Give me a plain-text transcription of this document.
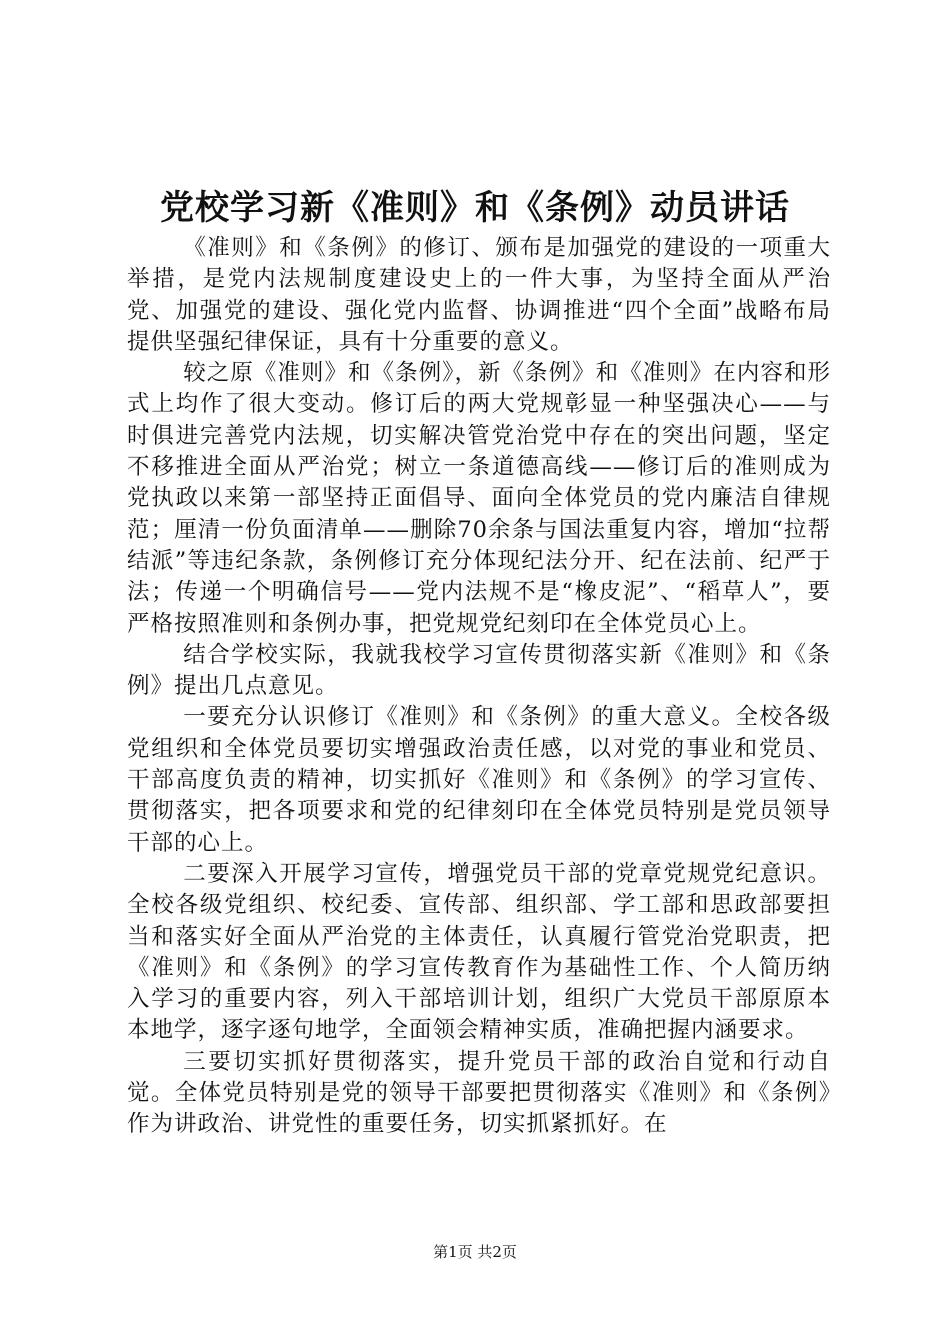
党校学习新《准则》和《条例》动员讲话

《准则》和《条例》的修订、颁布是加强党的建设的一项重大举措，是党内法规制度建设史上的一件大事，为坚持全面从严治党、加强党的建设、强化党内监督、协调推进“四个全面”战略布局提供坚强纪律保证，具有十分重要的意义。

较之原《准则》和《条例》，新《条例》和《准则》在内容和形式上均作了很大变动。修订后的两大党规彰显一种坚强决心——与时俱进完善党内法规，切实解决管党治党中存在的突出问题，坚定不移推进全面从严治党；树立一条道德高线——修订后的准则成为党执政以来第一部坚持正面倡导、面向全体党员的党内廉洁自律规范；厘清一份负面清单——删除70余条与国法重复内容，增加“拉帮结派”等违纪条款，条例修订充分体现纪法分开、纪在法前、纪严于法；传递一个明确信号——党内法规不是“橡皮泥”、“稻草人”，要严格按照准则和条例办事，把党规党纪刻印在全体党员心上。

结合学校实际，我就我校学习宣传贯彻落实新《准则》和《条例》提出几点意见。

一要充分认识修订《准则》和《条例》的重大意义。全校各级党组织和全体党员要切实增强政治责任感，以对党的事业和党员、干部高度负责的精神，切实抓好《准则》和《条例》的学习宣传、贯彻落实，把各项要求和党的纪律刻印在全体党员特别是党员领导干部的心上。

二要深入开展学习宣传，增强党员干部的党章党规党纪意识。全校各级党组织、校纪委、宣传部、组织部、学工部和思政部要担当和落实好全面从严治党的主体责任，认真履行管党治党职责，把《准则》和《条例》的学习宣传教育作为基础性工作、个人简历纳入学习的重要内容，列入干部培训计划，组织广大党员干部原原本本地学，逐字逐句地学，全面领会精神实质，准确把握内涵要求。

三要切实抓好贯彻落实，提升党员干部的政治自觉和行动自觉。全体党员特别是党的领导干部要把贯彻落实《准则》和《条例》作为讲政治、讲党性的重要任务，切实抓紧抓好。在

第1页 共2页
